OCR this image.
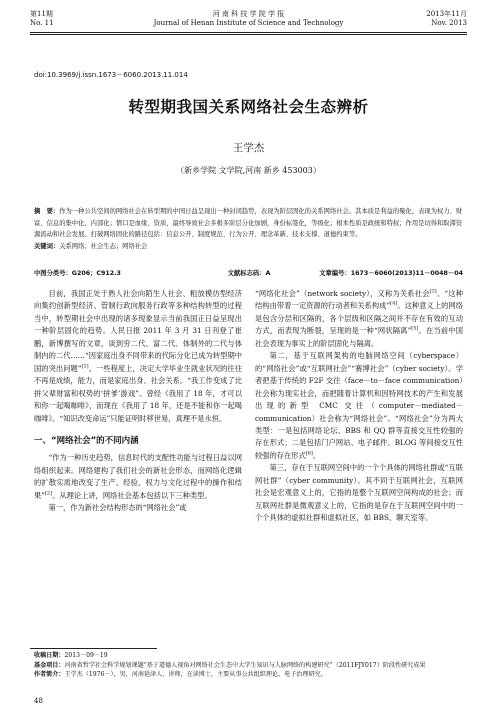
第11期	河 南 科 技 学 院 学 报	2013年11月
No. 11	Journal of Henan Institute of Science and Technology	Nov. 2013
doi:10.3969/j.issn.1673－6060.2013.11.014
转型期我国关系网络社会生态辨析
王学杰
（新乡学院 文学院,河南 新乡 453003）
摘　要：作为一种公共空间的网络社会在转型期的中国日益呈现出一种封闭趋势，表现为阶层固化的关系网络社会。其本质是利益的聚化，表现为权力、财富、信息的集中化、内部化；情口是血缘、资质，最终导致社会多极多阶层分化加剧，身份标签化，等级化；根本性质是政统和特权；作用是切得和取滞资源流动和社会发展。打破网络固化的路径包括：信息公开、制度规范、行为公开、理念革新、技术支撑、道德约束等。
关键词：关系网络；社会生态；网络社会
中图分类号：G206；C912.3	文献标志码：A	文章编号：1673－6060(2013)11－0048－04

目前，我国正处于熟人社会向陌生人社会、粗放模仿型经济向集约创新型经济、管制行政向服务行政等多种结构转型的过程当中，转型期社会中出现的诸多现象显示当前我国正日益呈现出一种阶层固化的趋势。人民日报 2011 年 3 月 31 日刊登了崔鹏，新博撰写的文章，谈到穷二代、富二代、体制外的二代与体制内的二代……“因家庭出身不同带来的代际分化已成为转型期中国的突出问题”[1]。一些程度上，决定大学毕业生就业状况的往往不再是成绩，能力，而是家庭出身、社会关系。“我工作变成了比拼父辈财富和权势的‘拼爹’游戏”。曾经《我用了 18 年，才可以和你一起喝咖啡》，而现在《我用了 18 年，还是不能和你一起喝咖啡》。“知识改变命运”只能证明时移世易，真理不是永恒。

一、“网络社会”的不同内涵

“作为一种历史趋势，信息时代的支配性功能与过程日益以网络组织起来。网络建构了我们社会的新社会形态，而网络化逻辑的扩散实质地改变了生产、经验、权力与文化过程中的操作和结果”[2]。从理论上讲，网络社会基本包括以下三种类型。

第一，作为新社会结构形态的“网络社会”或

“网络化社会”（network society），又称为关系社会[3]。“这种结构由带着一定资源的行动者和关系构成”[4]。这种意义上的网络是包含分层和区隔的，各个层级和区隔之间并不存在有效的互动方式，而表现为断裂，呈现的是一种“网状隔离”[5]。在当前中国社会表现为事实上的阶层固化与隔离。

第二，基于互联网架构的电脑网络空间（cyberspace）的“网络社会”或“互联网社会”“赛博社会”（cyber society）。学者把基于传统的 F2F 交往（face－to－face communication）社会称为现实社会，而把随着计算机和因特网技术的产生和发展出现的新型 CMC 交往（computer－mediated－communication）社会称为“网络社会”。“网络社会”分为两大类型：一是包括网络论坛、BBS 和 QQ 群等直接交互性较强的存在形式；二是包括门户网站、电子邮件、BLOG 等间接交互性较强的存在形式[6]。

第三，存在于互联网空间中的一个个具体的网络社群或“互联网社群”（cyber community）。其不同于互联网社会，互联网社会是宏观意义上的，它指的是整个互联网空间构成的社会；而互联网社群是微观意义上的，它指的是存在于互联网空间中的一个个具体的虚拟社群和虚拟社区，如 BBS、聊天室等。

收稿日期：2013－09－19
基金项目：河南省哲学社会科学规划课题“基于道德人视角对网络社会生态中大学生知识与人脉网络的构建研究”（2011FJY017）阶段性研究成果
作者简介：王学杰（1976－），男，河南延津人，讲师，在读博士，主要从事公共组织理论、电子治理研究。
48
